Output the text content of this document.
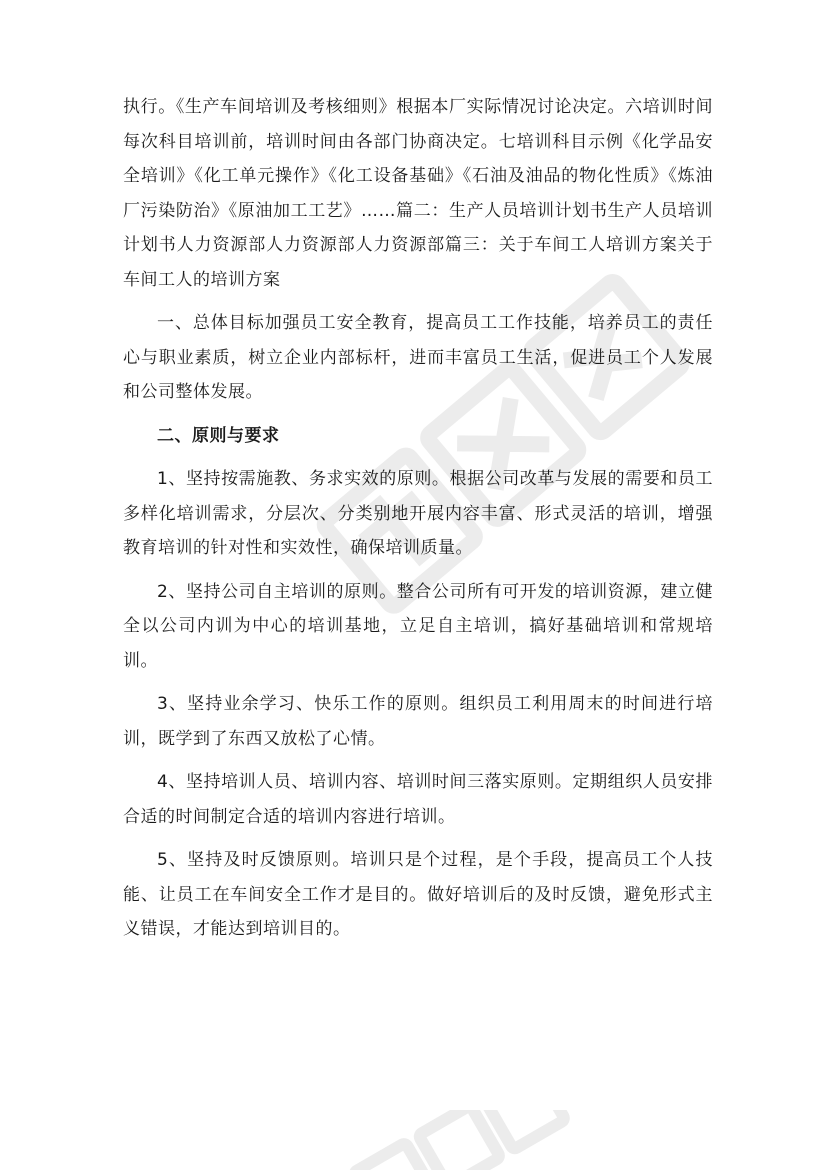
执行。《生产车间培训及考核细则》根据本厂实际情况讨论决定。六培训时间每次科目培训前，培训时间由各部门协商决定。七培训科目示例《化学品安全培训》《化工单元操作》《化工设备基础》《石油及油品的物化性质》《炼油厂污染防治》《原油加工工艺》……篇二：生产人员培训计划书生产人员培训计划书人力资源部人力资源部人力资源部篇三：关于车间工人培训方案关于车间工人的培训方案

一、总体目标加强员工安全教育，提高员工工作技能，培养员工的责任心与职业素质，树立企业内部标杆，进而丰富员工生活，促进员工个人发展和公司整体发展。

二、原则与要求

1、坚持按需施教、务求实效的原则。根据公司改革与发展的需要和员工多样化培训需求，分层次、分类别地开展内容丰富、形式灵活的培训，增强教育培训的针对性和实效性，确保培训质量。

2、坚持公司自主培训的原则。整合公司所有可开发的培训资源，建立健全以公司内训为中心的培训基地，立足自主培训，搞好基础培训和常规培训。

3、坚持业余学习、快乐工作的原则。组织员工利用周末的时间进行培训，既学到了东西又放松了心情。

4、坚持培训人员、培训内容、培训时间三落实原则。定期组织人员安排合适的时间制定合适的培训内容进行培训。

5、坚持及时反馈原则。培训只是个过程，是个手段，提高员工个人技能、让员工在车间安全工作才是目的。做好培训后的及时反馈，避免形式主义错误，才能达到培训目的。
